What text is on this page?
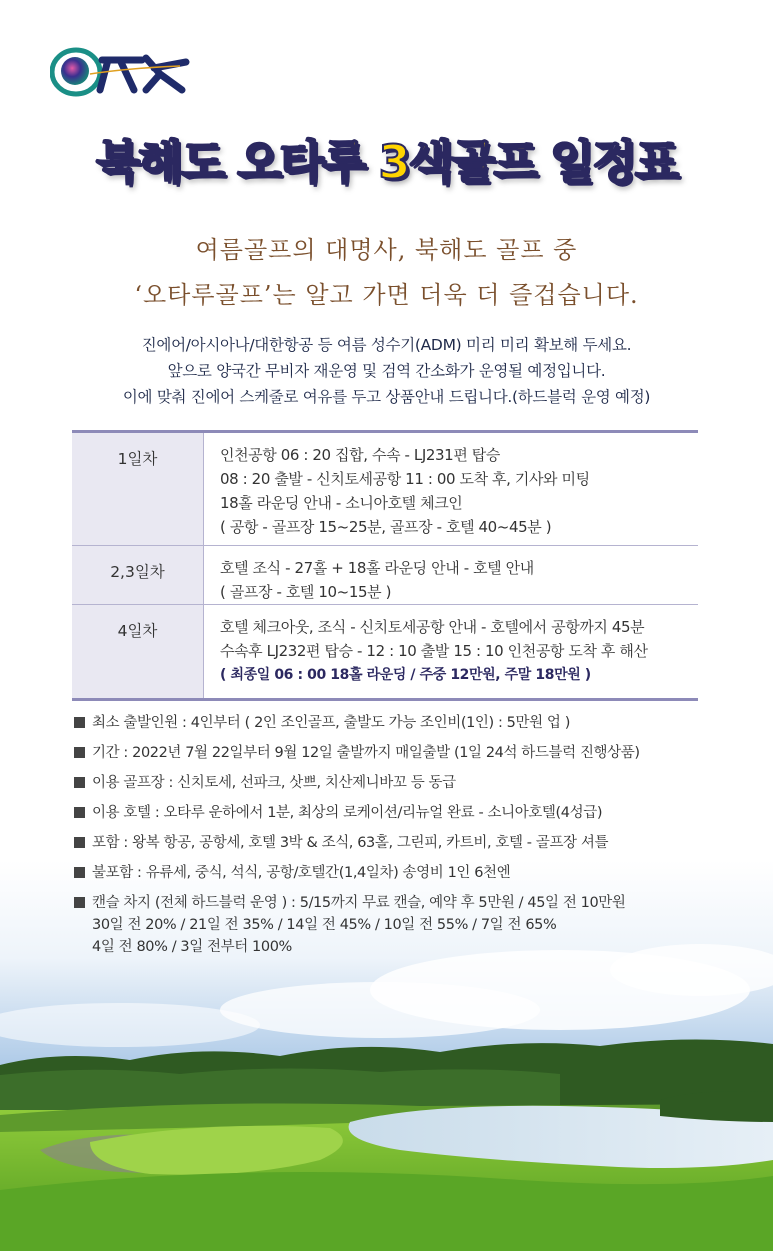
북해도 오타루 3색골프 일정표
여름골프의 대명사, 북해도 골프 중
‘오타루골프’는 알고 가면 더욱 더 즐겁습니다.
진에어/아시아나/대한항공 등 여름 성수기(ADM) 미리 미리 확보해 두세요.
앞으로 양국간 무비자 재운영 및 검역 간소화가 운영될 예정입니다.
이에 맞춰 진에어 스케줄로 여유를 두고 상품안내 드립니다.(하드블럭 운영 예정)
1일차	인천공항 06 : 20 집합, 수속 - LJ231편 탑승
08 : 20 출발 - 신치토세공항 11 : 00 도착 후, 기사와 미팅
18홀 라운딩 안내 - 소니아호텔 체크인
( 공항 - 골프장 15~25분, 골프장 - 호텔 40~45분 )
2,3일차	호텔 조식 - 27홀 + 18홀 라운딩 안내 - 호텔 안내
( 골프장 - 호텔 10~15분 )
4일차	호텔 체크아웃, 조식 - 신치토세공항 안내 - 호텔에서 공항까지 45분
수속후 LJ232편 탑승 - 12 : 10 출발 15 : 10 인천공항 도착 후 해산
( 최종일 06 : 00 18홀 라운딩 / 주중 12만원, 주말 18만원 )
최소 출발인원 : 4인부터 ( 2인 조인골프, 출발도 가능 조인비(1인) : 5만원 업 )
기간 : 2022년 7월 22일부터 9월 12일 출발까지 매일출발 (1일 24석 하드블럭 진행상품)
이용 골프장 : 신치토세, 선파크, 삿쁘, 치산제니바꼬 등 동급
이용 호텔 : 오타루 운하에서 1분, 최상의 로케이션/리뉴얼 완료 - 소니아호텔(4성급)
포함 : 왕복 항공, 공항세, 호텔 3박 & 조식, 63홀, 그린피, 카트비, 호텔 - 골프장 셔틀
불포함 : 유류세, 중식, 석식, 공항/호텔간(1,4일차) 송영비 1인 6천엔
캔슬 차지 (전체 하드블럭 운영 ) : 5/15까지 무료 캔슬, 예약 후 5만원 / 45일 전 10만원
30일 전 20% / 21일 전 35% / 14일 전 45% / 10일 전 55% / 7일 전 65%
4일 전 80% / 3일 전부터 100%
